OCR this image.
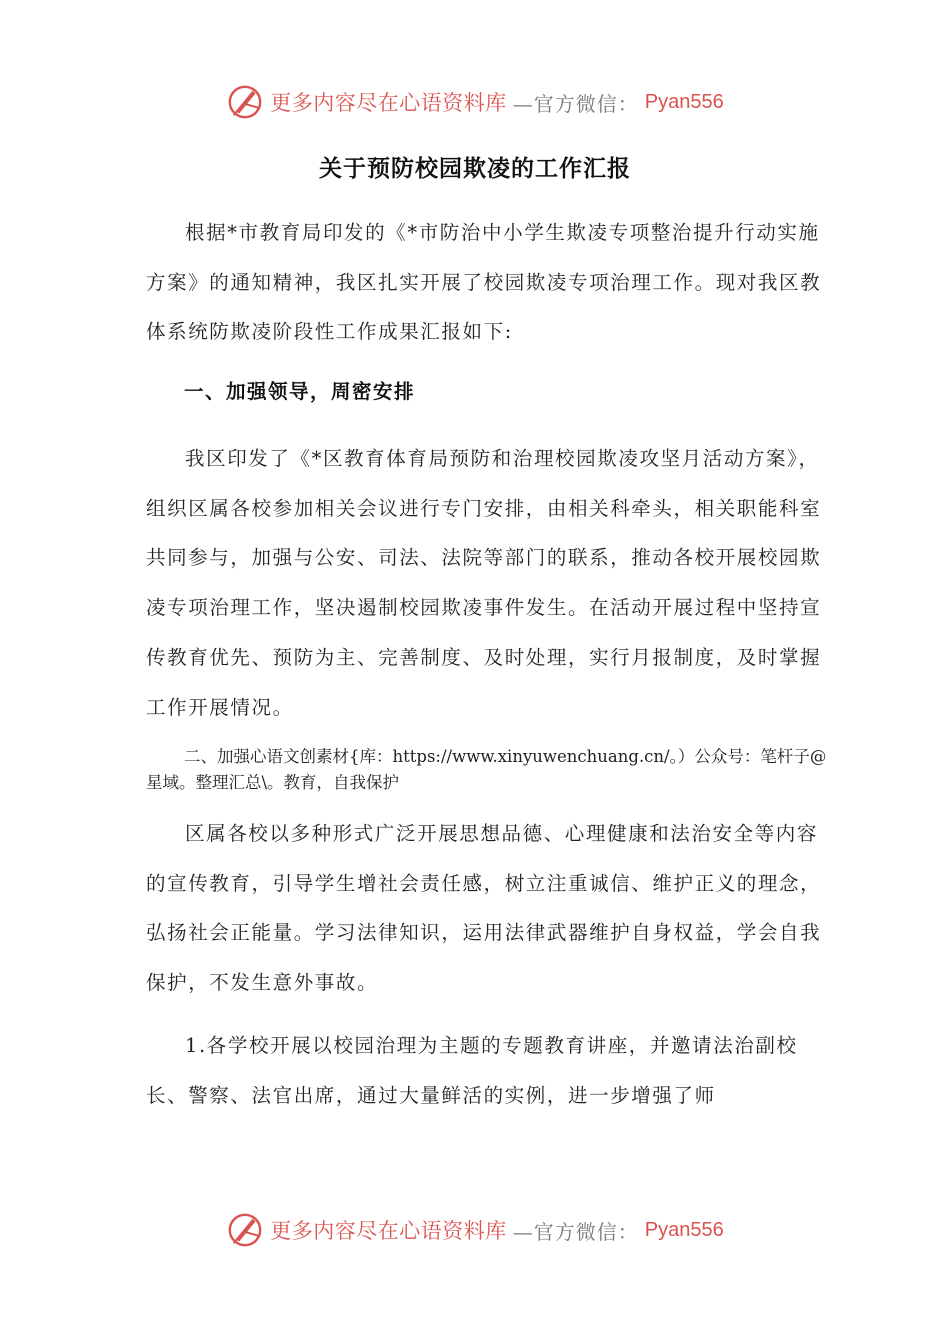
更多内容尽在心语资料库 —官方微信： Pyan556
关于预防校园欺凌的工作汇报

根据*市教育局印发的《*市防治中小学生欺凌专项整治提升行动实施方案》的通知精神，我区扎实开展了校园欺凌专项治理工作。现对我区教体系统防欺凌阶段性工作成果汇报如下:

一、加强领导，周密安排

我区印发了《*区教育体育局预防和治理校园欺凌攻坚月活动方案》，组织区属各校参加相关会议进行专门安排，由相关科牵头，相关职能科室共同参与，加强与公安、司法、法院等部门的联系，推动各校开展校园欺凌专项治理工作，坚决遏制校园欺凌事件发生。在活动开展过程中坚持宣传教育优先、预防为主、完善制度、及时处理，实行月报制度，及时掌握工作开展情况。

二、加强心语文创素材{库：https://www.xinyuwenchuang.cn/。）公众号：笔杆子@星域。整理汇总\。教育，自我保护

区属各校以多种形式广泛开展思想品德、心理健康和法治安全等内容的宣传教育，引导学生增社会责任感，树立注重诚信、维护正义的理念，弘扬社会正能量。学习法律知识，运用法律武器维护自身权益，学会自我保护，不发生意外事故。

1.各学校开展以校园治理为主题的专题教育讲座，并邀请法治副校长、警察、法官出席，通过大量鲜活的实例，进一步增强了师

更多内容尽在心语资料库 —官方微信： Pyan556
